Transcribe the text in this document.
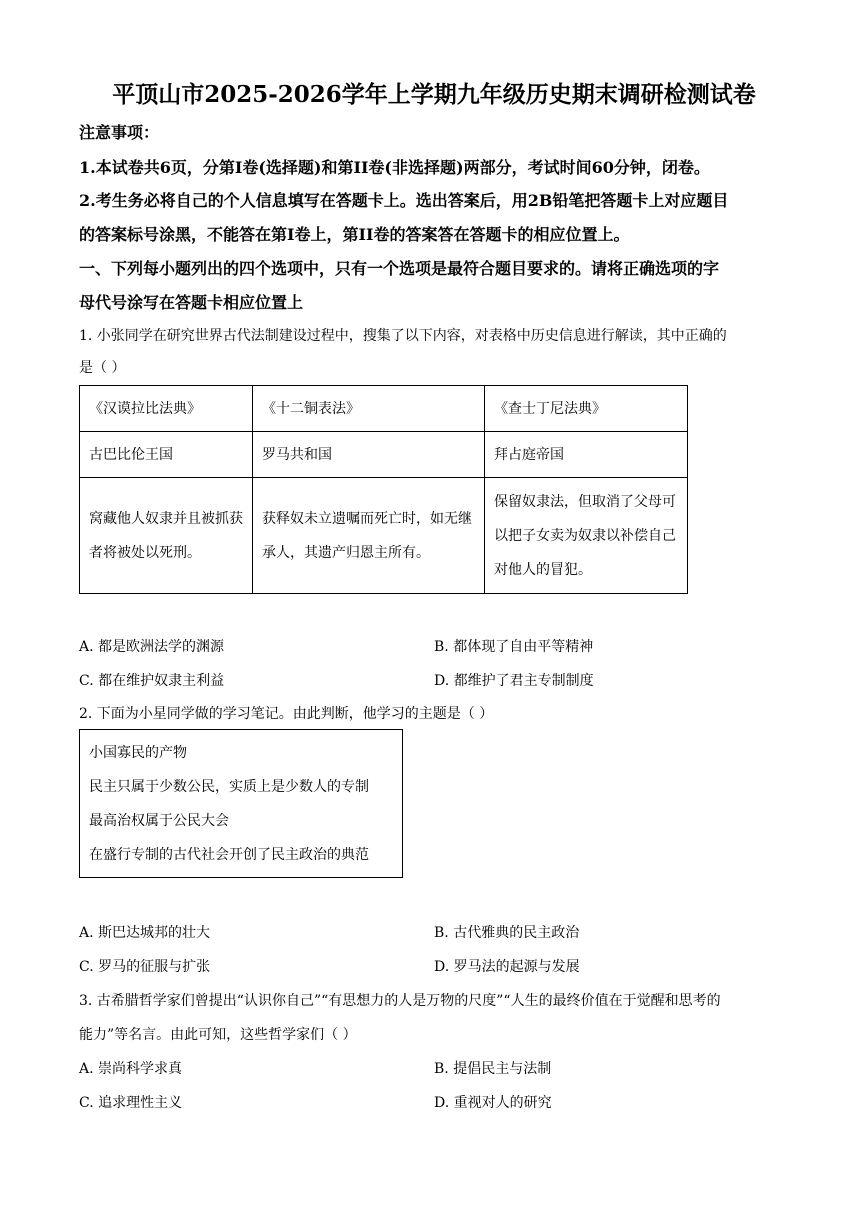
平顶山市2025-2026学年上学期九年级历史期末调研检测试卷
注意事项：
1.本试卷共6页，分第I卷(选择题)和第II卷(非选择题)两部分，考试时间60分钟，闭卷。
2.考生务必将自己的个人信息填写在答题卡上。选出答案后，用2B铅笔把答题卡上对应题目
的答案标号涂黑，不能答在第I卷上，第II卷的答案答在答题卡的相应位置上。
一、下列每小题列出的四个选项中，只有一个选项是最符合题目要求的。请将正确选项的字
母代号涂写在答题卡相应位置上
1. 小张同学在研究世界古代法制建设过程中，搜集了以下内容，对表格中历史信息进行解读，其中正确的
是（ ）
《汉谟拉比法典》	《十二铜表法》	《查士丁尼法典》
古巴比伦王国	罗马共和国	拜占庭帝国
窝藏他人奴隶并且被抓获者将被处以死刑。	获释奴未立遗嘱而死亡时，如无继承人，其遗产归恩主所有。	保留奴隶法，但取消了父母可以把子女卖为奴隶以补偿自己对他人的冒犯。
A. 都是欧洲法学的渊源	B. 都体现了自由平等精神
C. 都在维护奴隶主利益	D. 都维护了君主专制制度
2. 下面为小星同学做的学习笔记。由此判断，他学习的主题是（ ）
小国寡民的产物
民主只属于少数公民，实质上是少数人的专制
最高治权属于公民大会
在盛行专制的古代社会开创了民主政治的典范
A. 斯巴达城邦的壮大	B. 古代雅典的民主政治
C. 罗马的征服与扩张	D. 罗马法的起源与发展
3. 古希腊哲学家们曾提出“认识你自己”“有思想力的人是万物的尺度”“人生的最终价值在于觉醒和思考的
能力”等名言。由此可知，这些哲学家们（ ）
A. 崇尚科学求真	B. 提倡民主与法制
C. 追求理性主义	D. 重视对人的研究
